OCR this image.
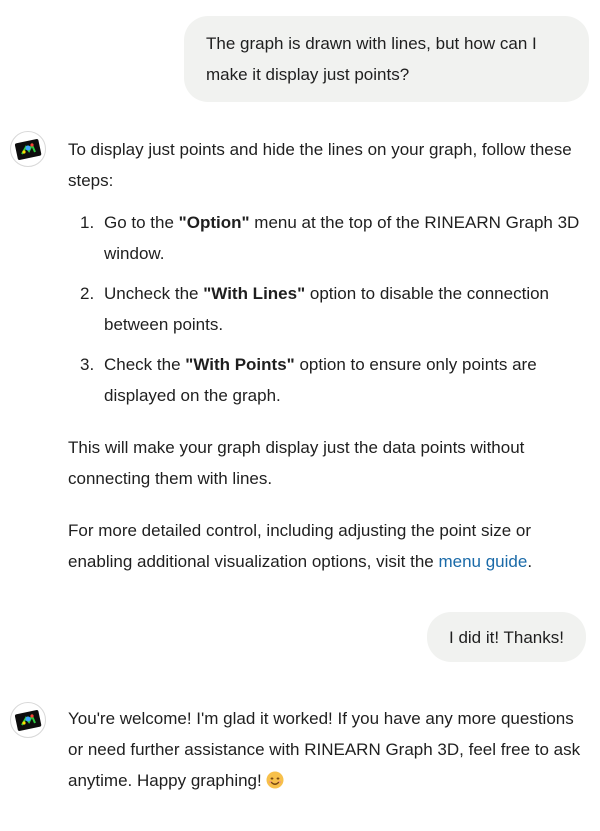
The graph is drawn with lines, but how can I make it display just points?

To display just points and hide the lines on your graph, follow these steps:

1. Go to the "Option" menu at the top of the RINEARN Graph 3D window.
2. Uncheck the "With Lines" option to disable the connection between points.
3. Check the "With Points" option to ensure only points are displayed on the graph.

This will make your graph display just the data points without connecting them with lines.

For more detailed control, including adjusting the point size or enabling additional visualization options, visit the menu guide.

I did it! Thanks!

You're welcome! I'm glad it worked! If you have any more questions or need further assistance with RINEARN Graph 3D, feel free to ask anytime. Happy graphing!
